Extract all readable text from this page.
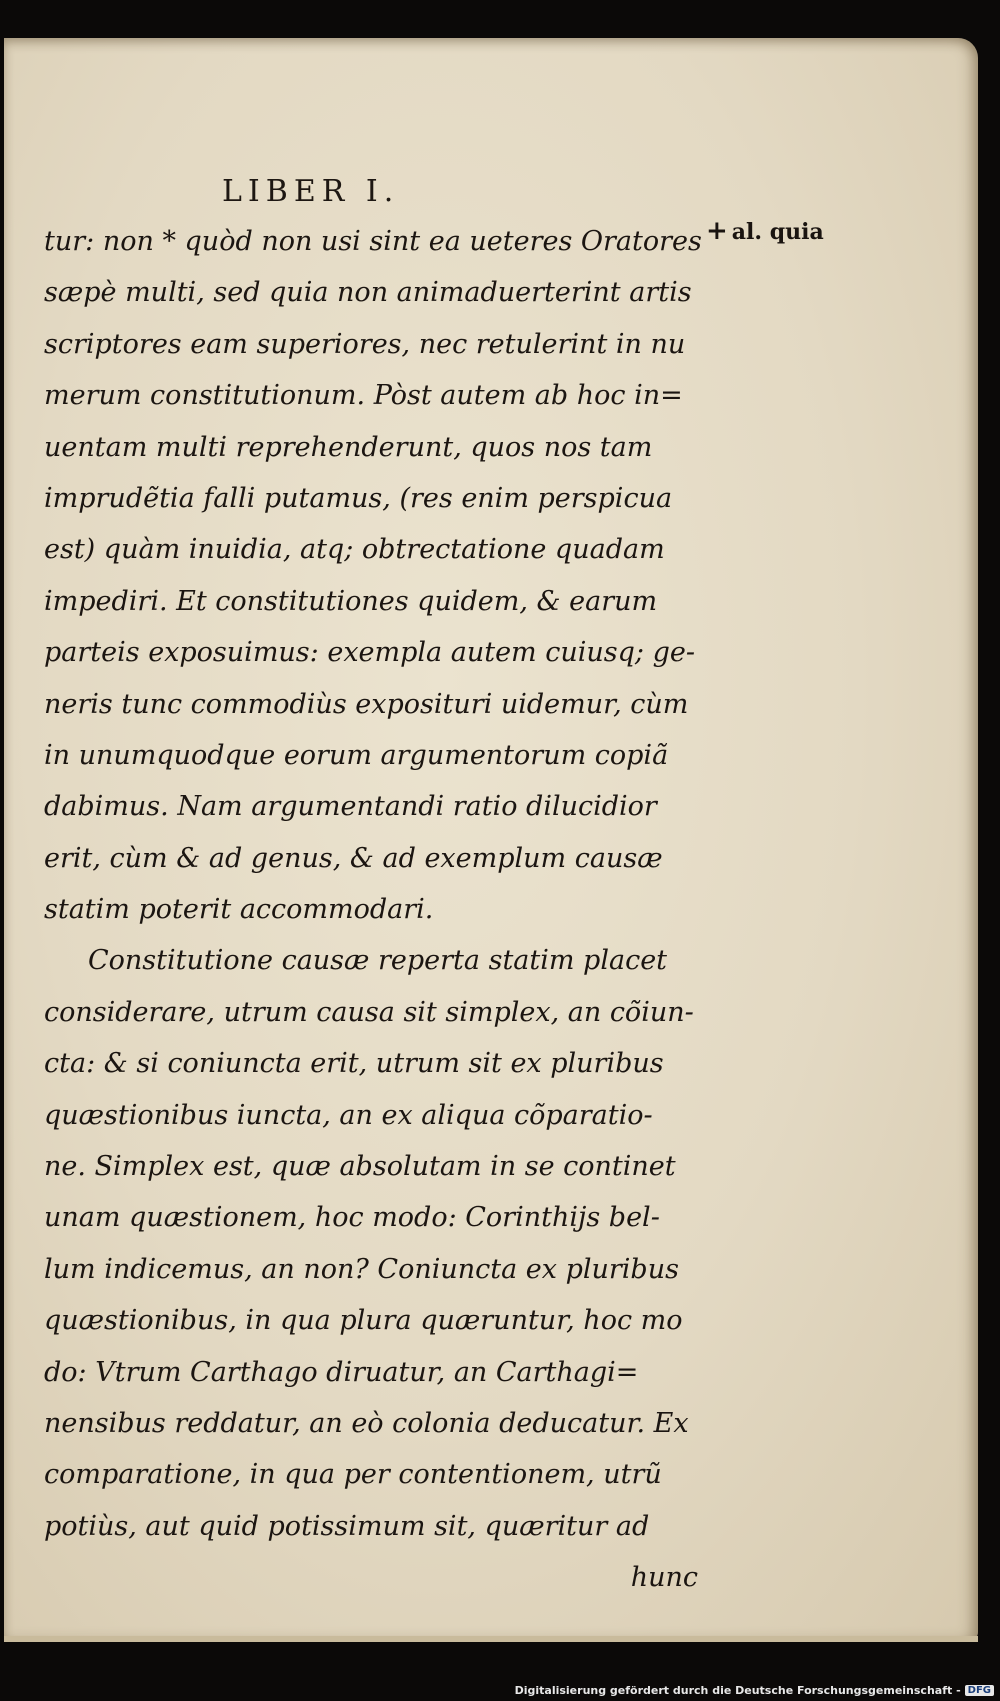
LIBER I.
+ al. quia
tur: non * quòd non usi sint ea ueteres Oratores
sæpè multi, sed quia non animaduerterint artis
scriptores eam superiores, nec retulerint in nu
merum constitutionum. Pòst autem ab hoc in=
uentam multi reprehenderunt, quos nos tam
imprudẽtia falli putamus, (res enim perspicua
est) quàm inuidia, atq; obtrectatione quadam
impediri. Et constitutiones quidem, & earum
parteis exposuimus: exempla autem cuiusq; ge-
neris tunc commodiùs exposituri uidemur, cùm
in unumquodque eorum argumentorum copiã
dabimus. Nam argumentandi ratio dilucidior
erit, cùm & ad genus, & ad exemplum causæ
statim poterit accommodari.
Constitutione causæ reperta statim placet
considerare, utrum causa sit simplex, an cõiun-
cta: & si coniuncta erit, utrum sit ex pluribus
quæstionibus iuncta, an ex aliqua cõparatio-
ne. Simplex est, quæ absolutam in se continet
unam quæstionem, hoc modo: Corinthijs bel-
lum indicemus, an non? Coniuncta ex pluribus
quæstionibus, in qua plura quæruntur, hoc mo
do: Vtrum Carthago diruatur, an Carthagi=
nensibus reddatur, an eò colonia deducatur. Ex
comparatione, in qua per contentionem, utrũ
potiùs, aut quid potissimum sit, quæritur ad
hunc
Digitalisierung gefördert durch die Deutsche Forschungsgemeinschaft - DFG
